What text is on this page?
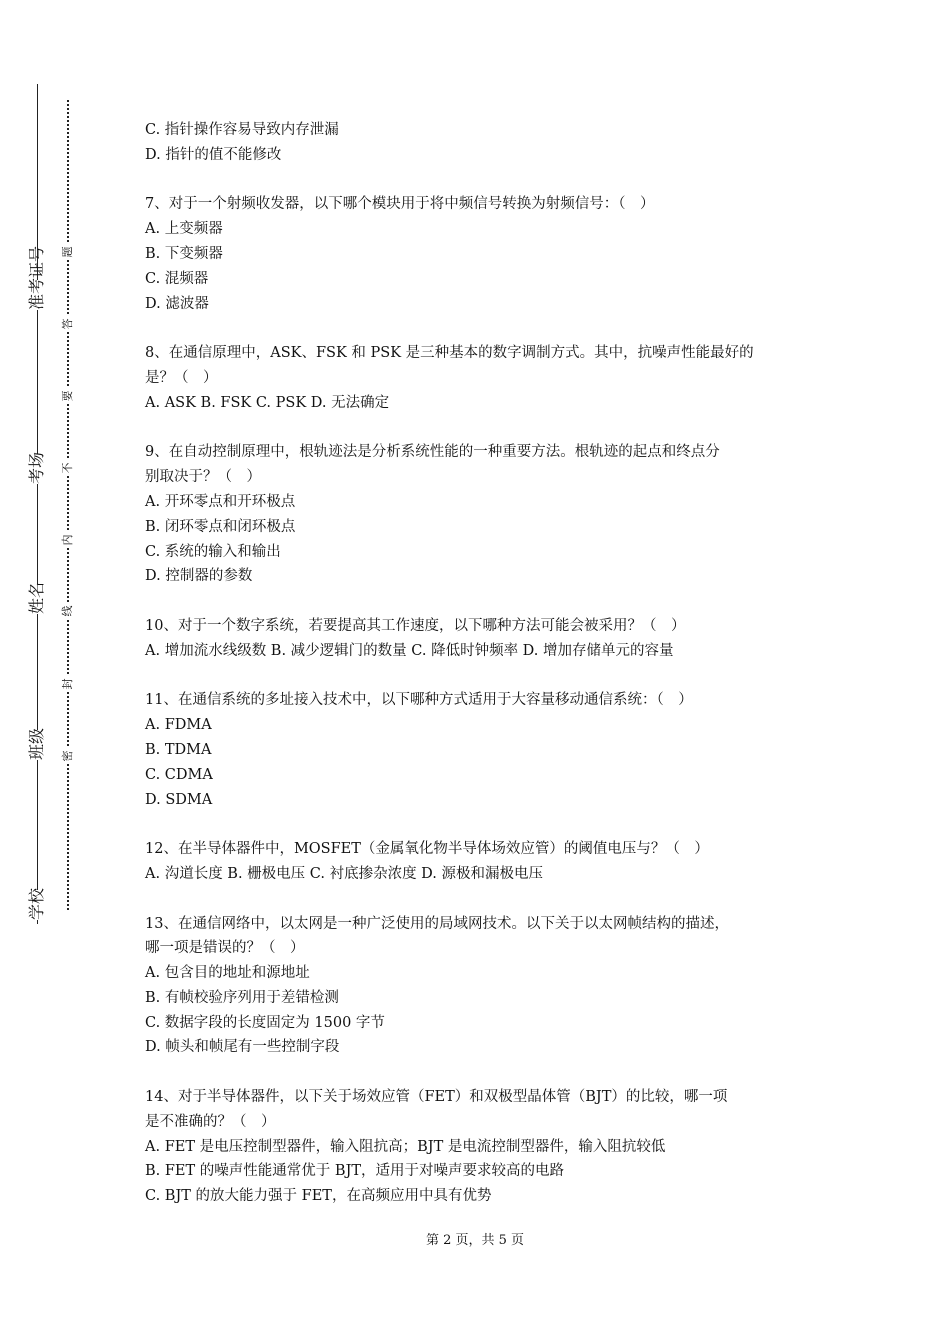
准考证号
考场
姓名
班级
学校
题
答
要
不
内
线
封
密
C. 指针操作容易导致内存泄漏
D. 指针的值不能修改
7、对于一个射频收发器，以下哪个模块用于将中频信号转换为射频信号：（　）
A. 上变频器
B. 下变频器
C. 混频器
D. 滤波器
8、在通信原理中，ASK、FSK 和 PSK 是三种基本的数字调制方式。其中，抗噪声性能最好的
是？（　）
A. ASK B. FSK C. PSK D. 无法确定
9、在自动控制原理中，根轨迹法是分析系统性能的一种重要方法。根轨迹的起点和终点分
别取决于？（　）
A. 开环零点和开环极点
B. 闭环零点和闭环极点
C. 系统的输入和输出
D. 控制器的参数
10、对于一个数字系统，若要提高其工作速度，以下哪种方法可能会被采用？（　）
A. 增加流水线级数 B. 减少逻辑门的数量 C. 降低时钟频率 D. 增加存储单元的容量
11、在通信系统的多址接入技术中，以下哪种方式适用于大容量移动通信系统：（　）
A. FDMA
B. TDMA
C. CDMA
D. SDMA
12、在半导体器件中，MOSFET（金属氧化物半导体场效应管）的阈值电压与？（　）
A. 沟道长度 B. 栅极电压 C. 衬底掺杂浓度 D. 源极和漏极电压
13、在通信网络中，以太网是一种广泛使用的局域网技术。以下关于以太网帧结构的描述，
哪一项是错误的？（　）
A. 包含目的地址和源地址
B. 有帧校验序列用于差错检测
C. 数据字段的长度固定为 1500 字节
D. 帧头和帧尾有一些控制字段
14、对于半导体器件，以下关于场效应管（FET）和双极型晶体管（BJT）的比较，哪一项
是不准确的？（　）
A. FET 是电压控制型器件，输入阻抗高；BJT 是电流控制型器件，输入阻抗较低
B. FET 的噪声性能通常优于 BJT，适用于对噪声要求较高的电路
C. BJT 的放大能力强于 FET，在高频应用中具有优势
第 2 页，共 5 页
